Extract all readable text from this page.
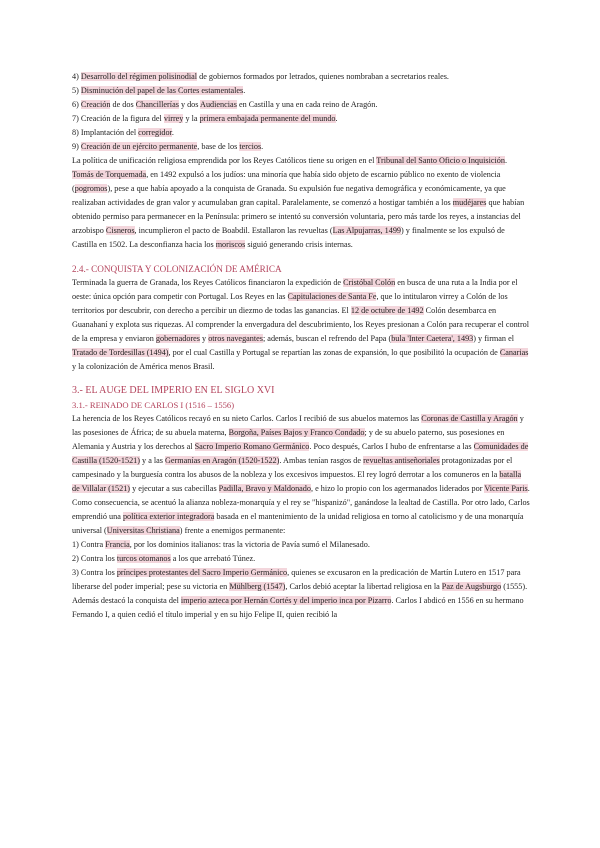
4) Desarrollo del régimen polisinodial de gobiernos formados por letrados, quienes nombraban a secretarios reales.

5) Disminución del papel de las Cortes estamentales.

6) Creación de dos Chancillerías y dos Audiencias en Castilla y una en cada reino de Aragón.

7) Creación de la figura del virrey y la primera embajada permanente del mundo.

8) Implantación del corregidor.

9) Creación de un ejército permanente, base de los tercios.

La política de unificación religiosa emprendida por los Reyes Católicos tiene su origen en el Tribunal del Santo Oficio o Inquisición. Tomás de Torquemada, en 1492 expulsó a los judíos: una minoría que había sido objeto de escarnio público no exento de violencia (pogromos), pese a que había apoyado a la conquista de Granada. Su expulsión fue negativa demográfica y económicamente, ya que realizaban actividades de gran valor y acumulaban gran capital. Paralelamente, se comenzó a hostigar también a los mudéjares que habían obtenido permiso para permanecer en la Península: primero se intentó su conversión voluntaria, pero más tarde los reyes, a instancias del arzobispo Cisneros, incumplieron el pacto de Boabdil. Estallaron las revueltas (Las Alpujarras, 1499) y finalmente se los expulsó de Castilla en 1502. La desconfianza hacia los moriscos siguió generando crisis internas.

2.4.- CONQUISTA Y COLONIZACIÓN DE AMÉRICA

Terminada la guerra de Granada, los Reyes Católicos financiaron la expedición de Cristóbal Colón en busca de una ruta a la India por el oeste: única opción para competir con Portugal. Los Reyes en las Capitulaciones de Santa Fe, que lo intitularon virrey a Colón de los territorios por descubrir, con derecho a percibir un diezmo de todas las ganancias. El 12 de octubre de 1492 Colón desembarca en Guanahaní y explota sus riquezas. Al comprender la envergadura del descubrimiento, los Reyes presionan a Colón para recuperar el control de la empresa y enviaron gobernadores y otros navegantes; además, buscan el refrendo del Papa (bula 'Inter Caetera', 1493) y firman el Tratado de Tordesillas (1494), por el cual Castilla y Portugal se repartían las zonas de expansión, lo que posibilitó la ocupación de Canarias y la colonización de América menos Brasil.

3.- EL AUGE DEL IMPERIO EN EL SIGLO XVI

3.1.- REINADO DE CARLOS I (1516 – 1556)

La herencia de los Reyes Católicos recayó en su nieto Carlos. Carlos I recibió de sus abuelos maternos las Coronas de Castilla y Aragón y las posesiones de África; de su abuela materna, Borgoña, Países Bajos y Franco Condado; y de su abuelo paterno, sus posesiones en Alemania y Austria y los derechos al Sacro Imperio Romano Germánico. Poco después, Carlos I hubo de enfrentarse a las Comunidades de Castilla (1520-1521) y a las Germanías en Aragón (1520-1522). Ambas tenían rasgos de revueltas antiseñoriales protagonizadas por el campesinado y la burguesía contra los abusos de la nobleza y los excesivos impuestos. El rey logró derrotar a los comuneros en la batalla de Villalar (1521) y ejecutar a sus cabecillas Padilla, Bravo y Maldonado, e hizo lo propio con los agermanados liderados por Vicente Paris. Como consecuencia, se acentuó la alianza nobleza-monarquía y el rey se "hispanizó", ganándose la lealtad de Castilla. Por otro lado, Carlos emprendió una política exterior integradora basada en el mantenimiento de la unidad religiosa en torno al catolicismo y de una monarquía universal (Universitas Christiana) frente a enemigos permanente:

1) Contra Francia, por los dominios italianos: tras la victoria de Pavía sumó el Milanesado.

2) Contra los turcos otomanos a los que arrebató Túnez.

3) Contra los príncipes protestantes del Sacro Imperio Germánico, quienes se excusaron en la predicación de Martín Lutero en 1517 para liberarse del poder imperial; pese su victoria en Mühlberg (1547), Carlos debió aceptar la libertad religiosa en la Paz de Augsburgo (1555). Además destacó la conquista del imperio azteca por Hernán Cortés y del imperio inca por Pizarro. Carlos I abdicó en 1556 en su hermano Fernando I, a quien cedió el título imperial y en su hijo Felipe II, quien recibió la
